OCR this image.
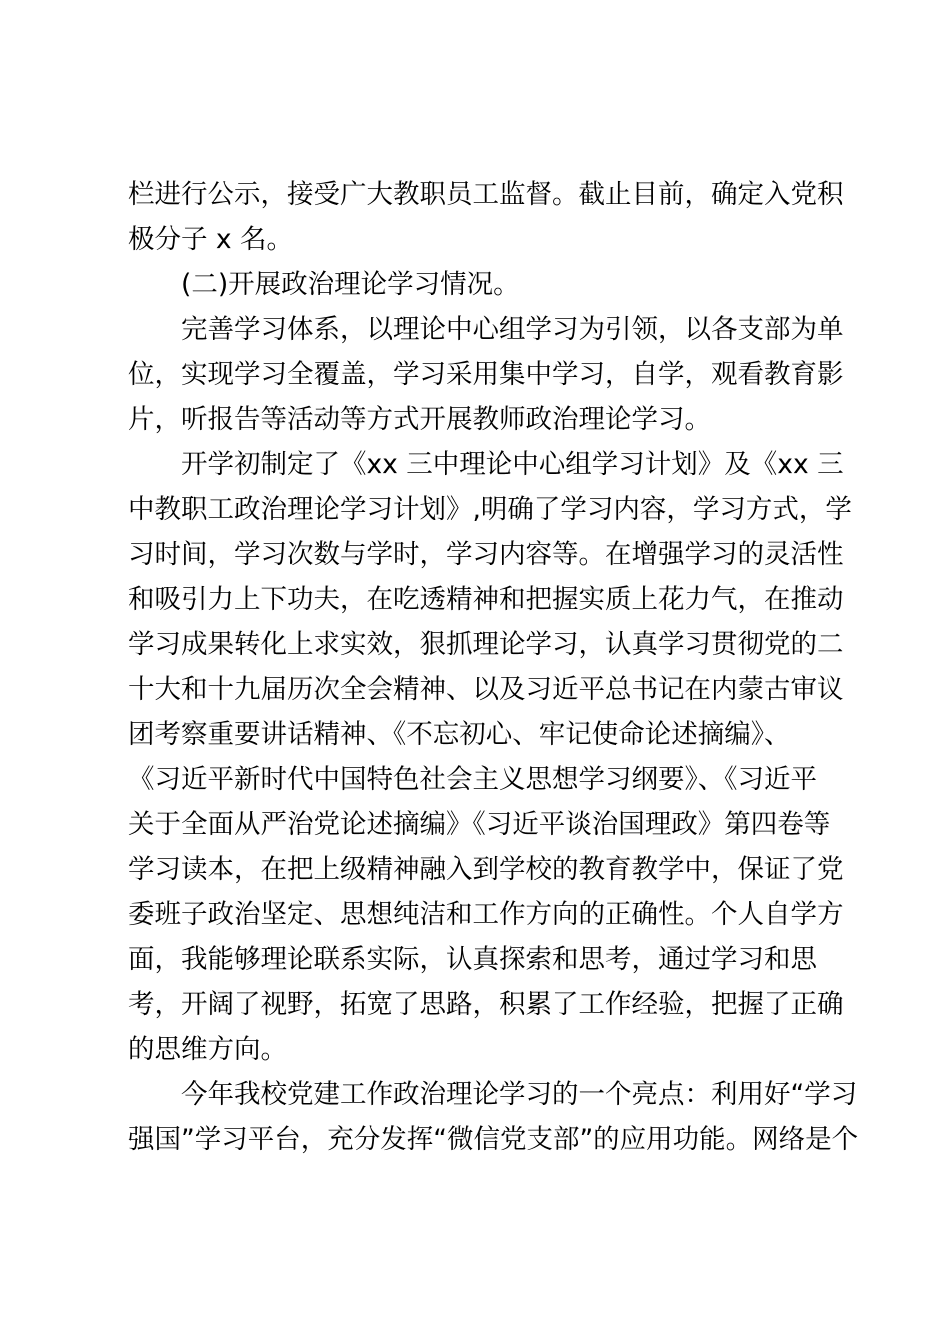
栏进行公示，接受广大教职员工监督。截止目前，确定入党积
极分子 x 名。
(二)开展政治理论学习情况。
完善学习体系，以理论中心组学习为引领，以各支部为单
位，实现学习全覆盖，学习采用集中学习，自学，观看教育影
片，听报告等活动等方式开展教师政治理论学习。
开学初制定了《xx 三中理论中心组学习计划》及《xx 三
中教职工政治理论学习计划》,明确了学习内容，学习方式，学
习时间，学习次数与学时，学习内容等。在增强学习的灵活性
和吸引力上下功夫，在吃透精神和把握实质上花力气，在推动
学习成果转化上求实效，狠抓理论学习，认真学习贯彻党的二
十大和十九届历次全会精神、以及习近平总书记在内蒙古审议
团考察重要讲话精神、《不忘初心、牢记使命论述摘编》、
《习近平新时代中国特色社会主义思想学习纲要》、《习近平
关于全面从严治党论述摘编》《习近平谈治国理政》第四卷等
学习读本，在把上级精神融入到学校的教育教学中，保证了党
委班子政治坚定、思想纯洁和工作方向的正确性。个人自学方
面，我能够理论联系实际，认真探索和思考，通过学习和思
考，开阔了视野，拓宽了思路，积累了工作经验，把握了正确
的思维方向。
今年我校党建工作政治理论学习的一个亮点：利用好“学习
强国”学习平台，充分发挥“微信党支部”的应用功能。网络是个
